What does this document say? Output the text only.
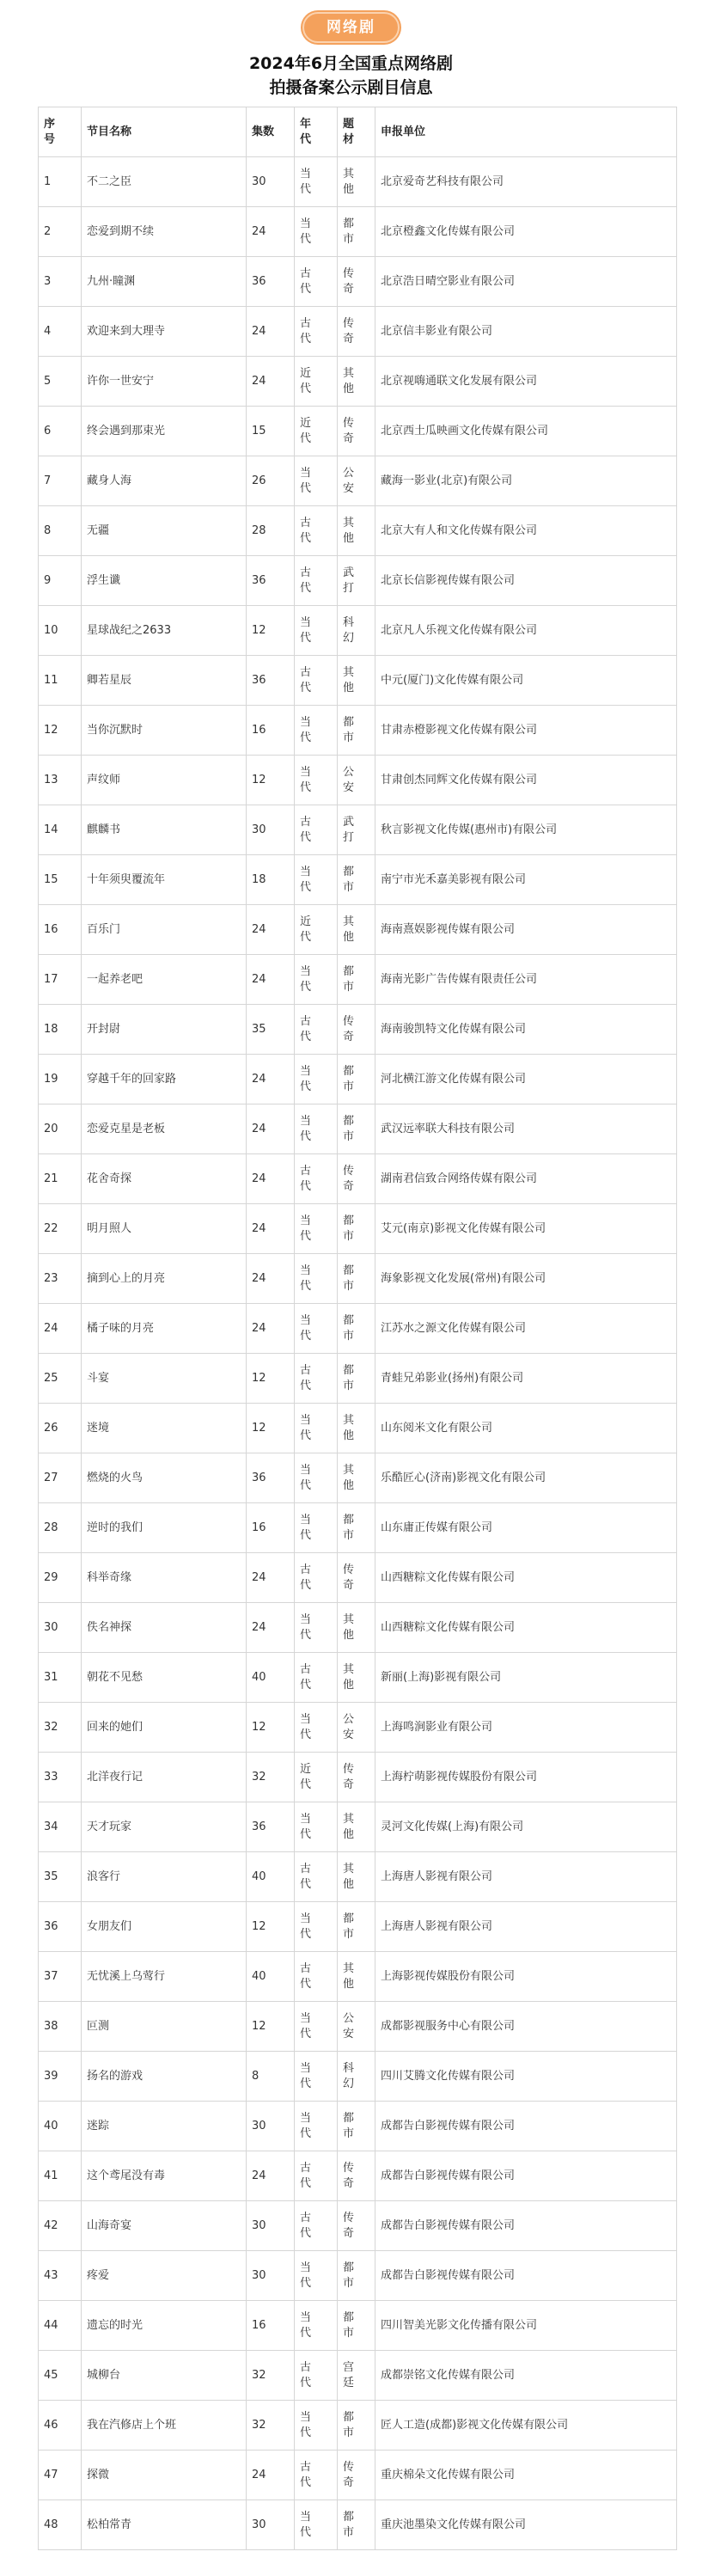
网络剧
2024年6月全国重点网络剧
拍摄备案公示剧目信息
序号	节目名称	集数	年代	题材	申报单位
1	不二之臣	30	当代	其他	北京爱奇艺科技有限公司
2	恋爱到期不续	24	当代	都市	北京橙鑫文化传媒有限公司
3	九州·瞳渊	36	古代	传奇	北京浩日晴空影业有限公司
4	欢迎来到大理寺	24	古代	传奇	北京信丰影业有限公司
5	许你一世安宁	24	近代	其他	北京视嗨通联文化发展有限公司
6	终会遇到那束光	15	近代	传奇	北京西土瓜映画文化传媒有限公司
7	藏身人海	26	当代	公安	藏海一影业(北京)有限公司
8	无疆	28	古代	其他	北京大有人和文化传媒有限公司
9	浮生谶	36	古代	武打	北京长信影视传媒有限公司
10	星球战纪之2633	12	当代	科幻	北京凡人乐视文化传媒有限公司
11	卿若星辰	36	古代	其他	中元(厦门)文化传媒有限公司
12	当你沉默时	16	当代	都市	甘肃赤橙影视文化传媒有限公司
13	声纹师	12	当代	公安	甘肃创杰同辉文化传媒有限公司
14	麒麟书	30	古代	武打	秋言影视文化传媒(惠州市)有限公司
15	十年须臾覆流年	18	当代	都市	南宁市光禾嘉美影视有限公司
16	百乐门	24	近代	其他	海南熹娱影视传媒有限公司
17	一起养老吧	24	当代	都市	海南光影广告传媒有限责任公司
18	开封尉	35	古代	传奇	海南骏凯特文化传媒有限公司
19	穿越千年的回家路	24	当代	都市	河北横江游文化传媒有限公司
20	恋爱克星是老板	24	当代	都市	武汉远率联大科技有限公司
21	花舍奇探	24	古代	传奇	湖南君信致合网络传媒有限公司
22	明月照人	24	当代	都市	艾元(南京)影视文化传媒有限公司
23	摘到心上的月亮	24	当代	都市	海象影视文化发展(常州)有限公司
24	橘子味的月亮	24	当代	都市	江苏水之源文化传媒有限公司
25	斗宴	12	古代	都市	青蛙兄弟影业(扬州)有限公司
26	迷境	12	当代	其他	山东阅米文化有限公司
27	燃烧的火鸟	36	当代	其他	乐酷匠心(济南)影视文化有限公司
28	逆时的我们	16	当代	都市	山东庸正传媒有限公司
29	科举奇缘	24	古代	传奇	山西糖粽文化传媒有限公司
30	佚名神探	24	当代	其他	山西糖粽文化传媒有限公司
31	朝花不见愁	40	古代	其他	新丽(上海)影视有限公司
32	回来的她们	12	当代	公安	上海鸣涧影业有限公司
33	北洋夜行记	32	近代	传奇	上海柠萌影视传媒股份有限公司
34	天才玩家	36	当代	其他	灵河文化传媒(上海)有限公司
35	浪客行	40	古代	其他	上海唐人影视有限公司
36	女朋友们	12	当代	都市	上海唐人影视有限公司
37	无忧溪上乌莺行	40	古代	其他	上海影视传媒股份有限公司
38	叵测	12	当代	公安	成都影视服务中心有限公司
39	扬名的游戏	8	当代	科幻	四川艾腾文化传媒有限公司
40	迷踪	30	当代	都市	成都告白影视传媒有限公司
41	这个鸢尾没有毒	24	古代	传奇	成都告白影视传媒有限公司
42	山海奇宴	30	古代	传奇	成都告白影视传媒有限公司
43	疼爱	30	当代	都市	成都告白影视传媒有限公司
44	遗忘的时光	16	当代	都市	四川智美光影文化传播有限公司
45	城柳台	32	古代	宫廷	成都崇铭文化传媒有限公司
46	我在汽修店上个班	32	当代	都市	匠人工造(成都)影视文化传媒有限公司
47	探微	24	古代	传奇	重庆棉朵文化传媒有限公司
48	松柏常青	30	当代	都市	重庆池墨染文化传媒有限公司
